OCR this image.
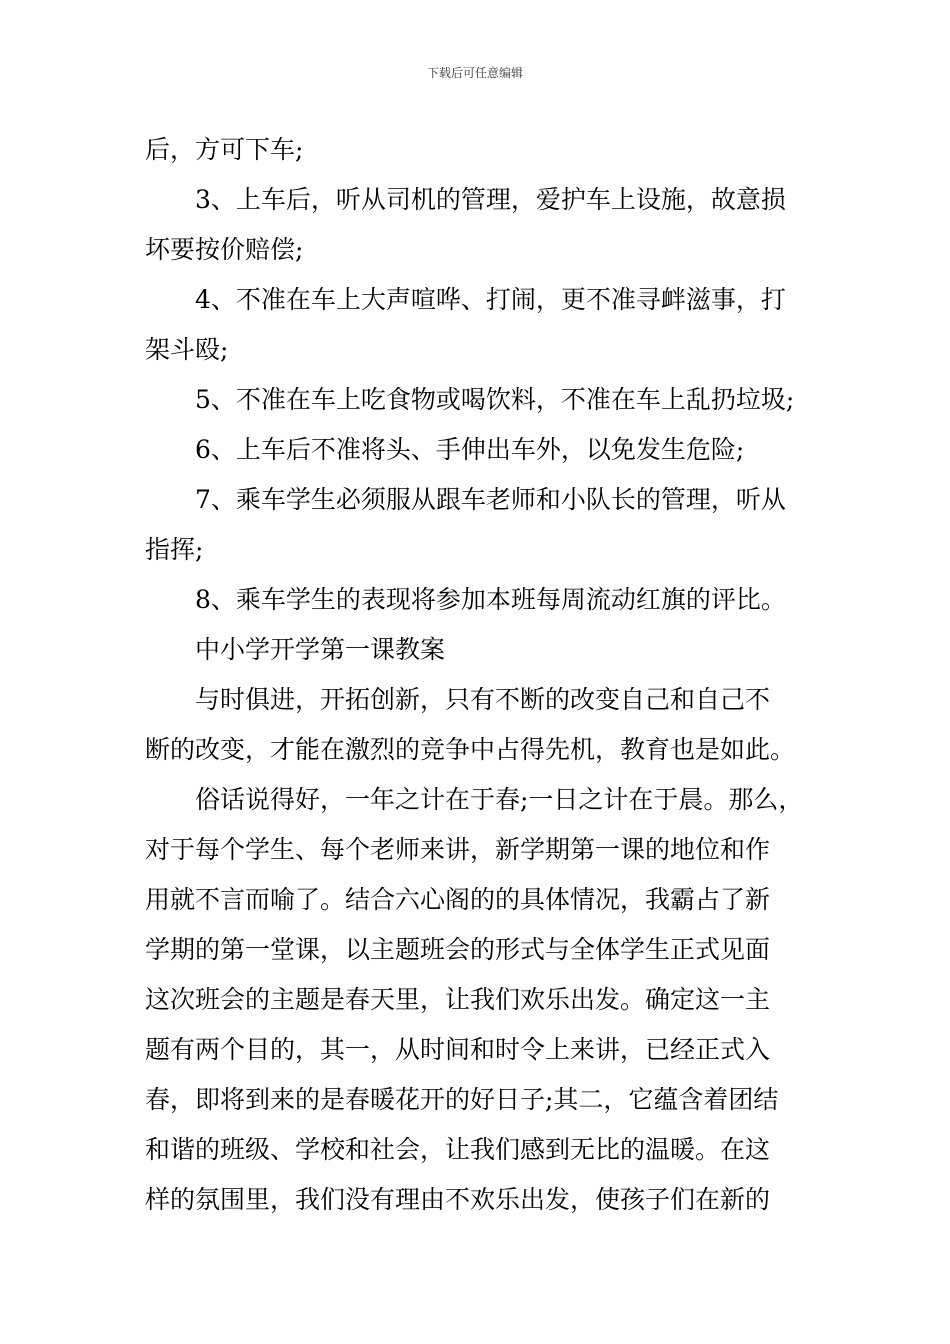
下载后可任意编辑
后，方可下车;
3、上车后，听从司机的管理，爱护车上设施，故意损
坏要按价赔偿;
4、不准在车上大声喧哗、打闹，更不准寻衅滋事，打
架斗殴;
5、不准在车上吃食物或喝饮料，不准在车上乱扔垃圾;
6、上车后不准将头、手伸出车外，以免发生危险;
7、乘车学生必须服从跟车老师和小队长的管理，听从
指挥;
8、乘车学生的表现将参加本班每周流动红旗的评比。
中小学开学第一课教案
与时俱进，开拓创新，只有不断的改变自己和自己不
断的改变，才能在激烈的竞争中占得先机，教育也是如此。
俗话说得好，一年之计在于春;一日之计在于晨。那么，
对于每个学生、每个老师来讲，新学期第一课的地位和作
用就不言而喻了。结合六心阁的的具体情况，我霸占了新
学期的第一堂课，以主题班会的形式与全体学生正式见面
这次班会的主题是春天里，让我们欢乐出发。确定这一主
题有两个目的，其一，从时间和时令上来讲，已经正式入
春，即将到来的是春暖花开的好日子;其二，它蕴含着团结
和谐的班级、学校和社会，让我们感到无比的温暖。在这
样的氛围里，我们没有理由不欢乐出发，使孩子们在新的
